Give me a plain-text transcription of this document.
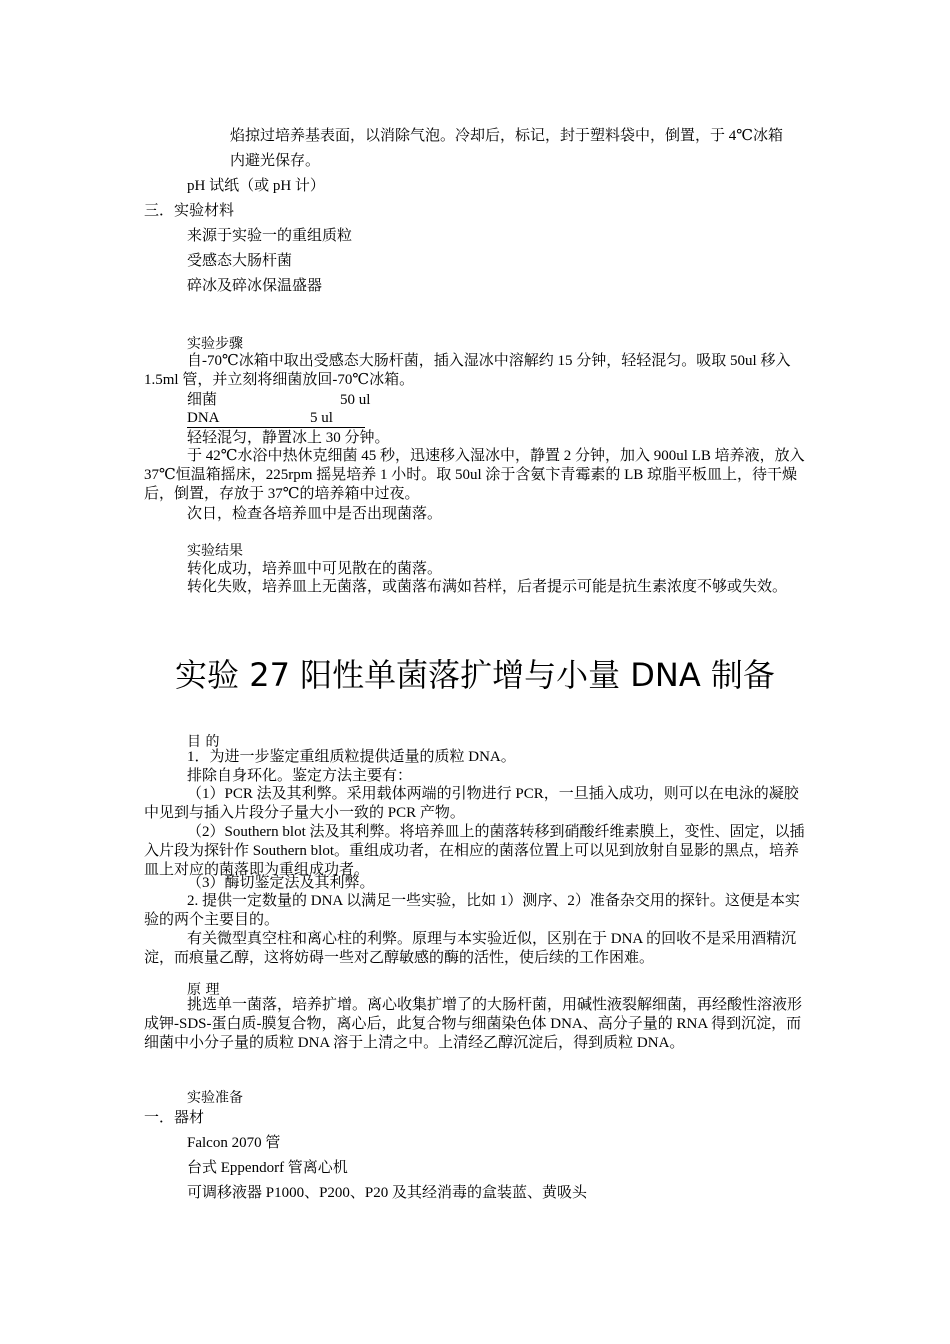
焰掠过培养基表面，以消除气泡。冷却后，标记，封于塑料袋中，倒置，于 4℃冰箱
内避光保存。
pH 试纸（或 pH 计）
三．实验材料
来源于实验一的重组质粒
受感态大肠杆菌
碎冰及碎冰保温盛器
实验步骤
自-70℃冰箱中取出受感态大肠杆菌，插入湿冰中溶解约 15 分钟，轻轻混匀。吸取 50ul 移入 1.5ml 管，并立刻将细菌放回-70℃冰箱。
细菌	50 ul
DNA	5 ul
轻轻混匀，静置冰上 30 分钟。
于 42℃水浴中热休克细菌 45 秒，迅速移入湿冰中，静置 2 分钟，加入 900ul LB 培养液，放入 37℃恒温箱摇床，225rpm 摇晃培养 1 小时。取 50ul 涂于含氨卞青霉素的 LB 琼脂平板皿上，待干燥后，倒置，存放于 37℃的培养箱中过夜。
次日，检查各培养皿中是否出现菌落。
实验结果
转化成功，培养皿中可见散在的菌落。
转化失败，培养皿上无菌落，或菌落布满如苔样，后者提示可能是抗生素浓度不够或失效。
实验 27 阳性单菌落扩增与小量 DNA 制备
目 的
1．为进一步鉴定重组质粒提供适量的质粒 DNA。
排除自身环化。鉴定方法主要有：
（1）PCR 法及其利弊。采用载体两端的引物进行 PCR，一旦插入成功，则可以在电泳的凝胶中见到与插入片段分子量大小一致的 PCR 产物。
（2）Southern blot 法及其利弊。将培养皿上的菌落转移到硝酸纤维素膜上，变性、固定，以插入片段为探针作 Southern blot。重组成功者，在相应的菌落位置上可以见到放射自显影的黑点，培养皿上对应的菌落即为重组成功者。
（3）酶切鉴定法及其利弊。
2. 提供一定数量的 DNA 以满足一些实验，比如 1）测序、2）准备杂交用的探针。这便是本实验的两个主要目的。
有关微型真空柱和离心柱的利弊。原理与本实验近似，区别在于 DNA 的回收不是采用酒精沉淀，而痕量乙醇，这将妨碍一些对乙醇敏感的酶的活性，使后续的工作困难。
原 理
挑选单一菌落，培养扩增。离心收集扩增了的大肠杆菌，用碱性液裂解细菌，再经酸性溶液形成钾-SDS-蛋白质-膜复合物，离心后，此复合物与细菌染色体 DNA、高分子量的 RNA 得到沉淀，而细菌中小分子量的质粒 DNA 溶于上清之中。上清经乙醇沉淀后，得到质粒 DNA。
实验准备
一．器材
Falcon 2070 管
台式 Eppendorf 管离心机
可调移液器 P1000、P200、P20 及其经消毒的盒装蓝、黄吸头
